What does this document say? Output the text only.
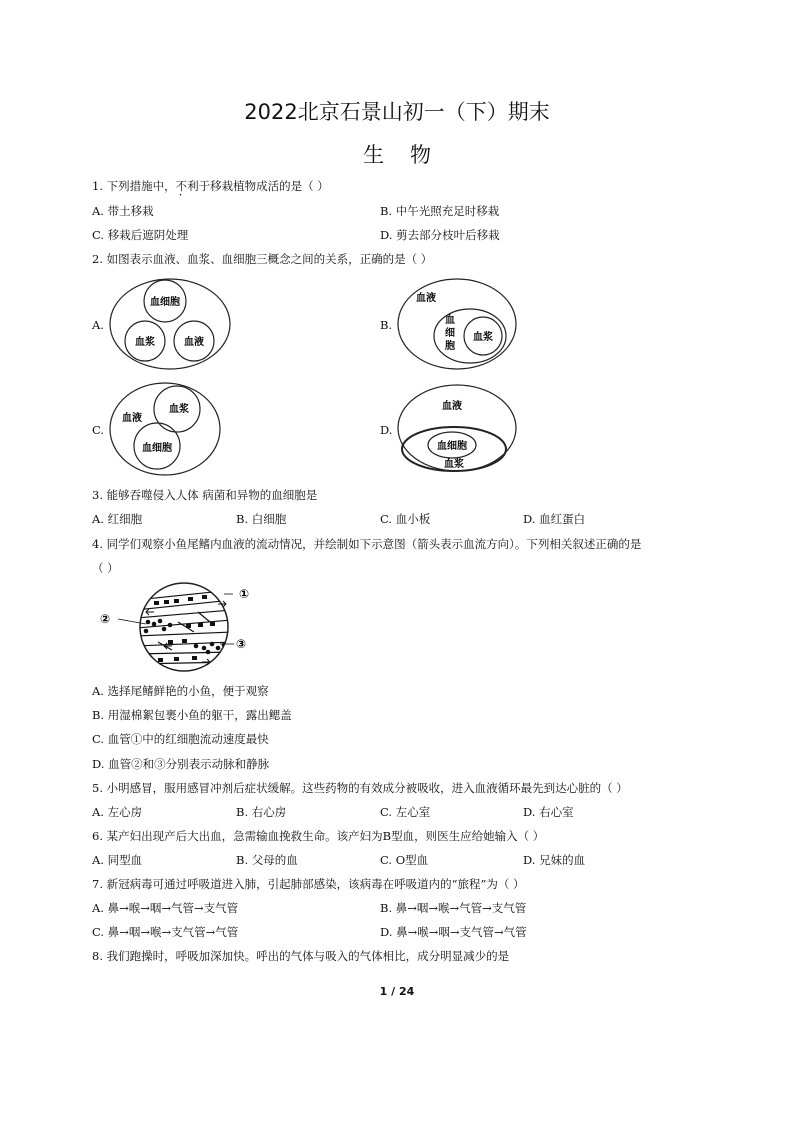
2022北京石景山初一（下）期末
生物
1. 下列措施中，不利于移栽植物成活的是（ ）
A. 带土移栽	B. 中午光照充足时移栽
C. 移栽后遮阴处理	D. 剪去部分枝叶后移栽
2. 如图表示血液、血浆、血细胞三概念之间的关系，正确的是（ ）
A.
血细胞
血浆	血液
B.
血液
血
细
胞
血浆
C.
血液
血浆
血细胞
D.
血液
血细胞
血浆
3. 能够吞噬侵入人体 病菌和异物的血细胞是
A. 红细胞	B. 白细胞	C. 血小板	D. 血红蛋白
4. 同学们观察小鱼尾鳍内血液的流动情况，并绘制如下示意图（箭头表示血流方向）。下列相关叙述正确的是
（ ）
①
②
③
A. 选择尾鳍鲜艳的小鱼，便于观察
B. 用湿棉絮包裹小鱼的躯干，露出鳃盖
C. 血管①中的红细胞流动速度最快
D. 血管②和③分别表示动脉和静脉
5. 小明感冒，服用感冒冲剂后症状缓解。这些药物的有效成分被吸收，进入血液循环最先到达心脏的（ ）
A. 左心房	B. 右心房	C. 左心室	D. 右心室
6. 某产妇出现产后大出血，急需输血挽救生命。该产妇为B型血，则医生应给她输入（ ）
A. 同型血	B. 父母的血	C. O型血	D. 兄妹的血
7. 新冠病毒可通过呼吸道进入肺，引起肺部感染，该病毒在呼吸道内的“旅程”为（ ）
A. 鼻→喉→咽→气管→支气管	B. 鼻→咽→喉→气管→支气管
C. 鼻→咽→喉→支气管→气管	D. 鼻→喉→咽→支气管→气管
8. 我们跑操时，呼吸加深加快。呼出的气体与吸入的气体相比，成分明显减少的是
1 / 24
